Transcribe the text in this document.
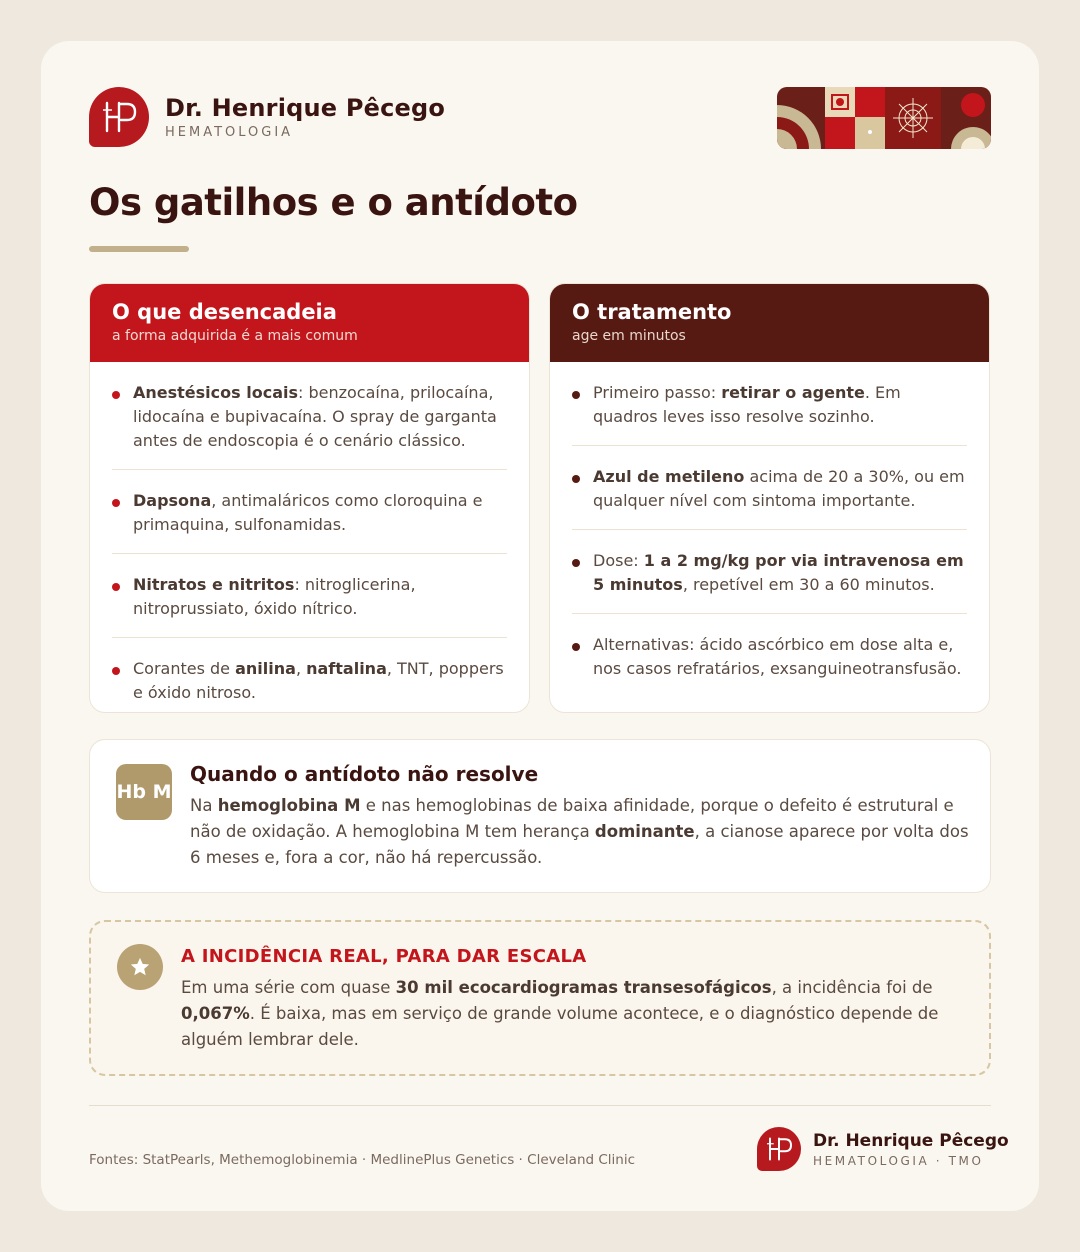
Dr. Henrique Pêcego
HEMATOLOGIA
Os gatilhos e o antídoto
O que desencadeia
a forma adquirida é a mais comum
Anestésicos locais: benzocaína, prilocaína, lidocaína e bupivacaína. O spray de garganta antes de endoscopia é o cenário clássico.
Dapsona, antimaláricos como cloroquina e primaquina, sulfonamidas.
Nitratos e nitritos: nitroglicerina, nitroprussiato, óxido nítrico.
Corantes de anilina, naftalina, TNT, poppers e óxido nitroso.
O tratamento
age em minutos
Primeiro passo: retirar o agente. Em quadros leves isso resolve sozinho.
Azul de metileno acima de 20 a 30%, ou em qualquer nível com sintoma importante.
Dose: 1 a 2 mg/kg por via intravenosa em 5 minutos, repetível em 30 a 60 minutos.
Alternativas: ácido ascórbico em dose alta e, nos casos refratários, exsanguineotransfusão.
Hb M
Quando o antídoto não resolve
Na hemoglobina M e nas hemoglobinas de baixa afinidade, porque o defeito é estrutural e não de oxidação. A hemoglobina M tem herança dominante, a cianose aparece por volta dos 6 meses e, fora a cor, não há repercussão.
A INCIDÊNCIA REAL, PARA DAR ESCALA
Em uma série com quase 30 mil ecocardiogramas transesofágicos, a incidência foi de 0,067%. É baixa, mas em serviço de grande volume acontece, e o diagnóstico depende de alguém lembrar dele.
Fontes: StatPearls, Methemoglobinemia · MedlinePlus Genetics · Cleveland Clinic
Dr. Henrique Pêcego
HEMATOLOGIA · TMO
